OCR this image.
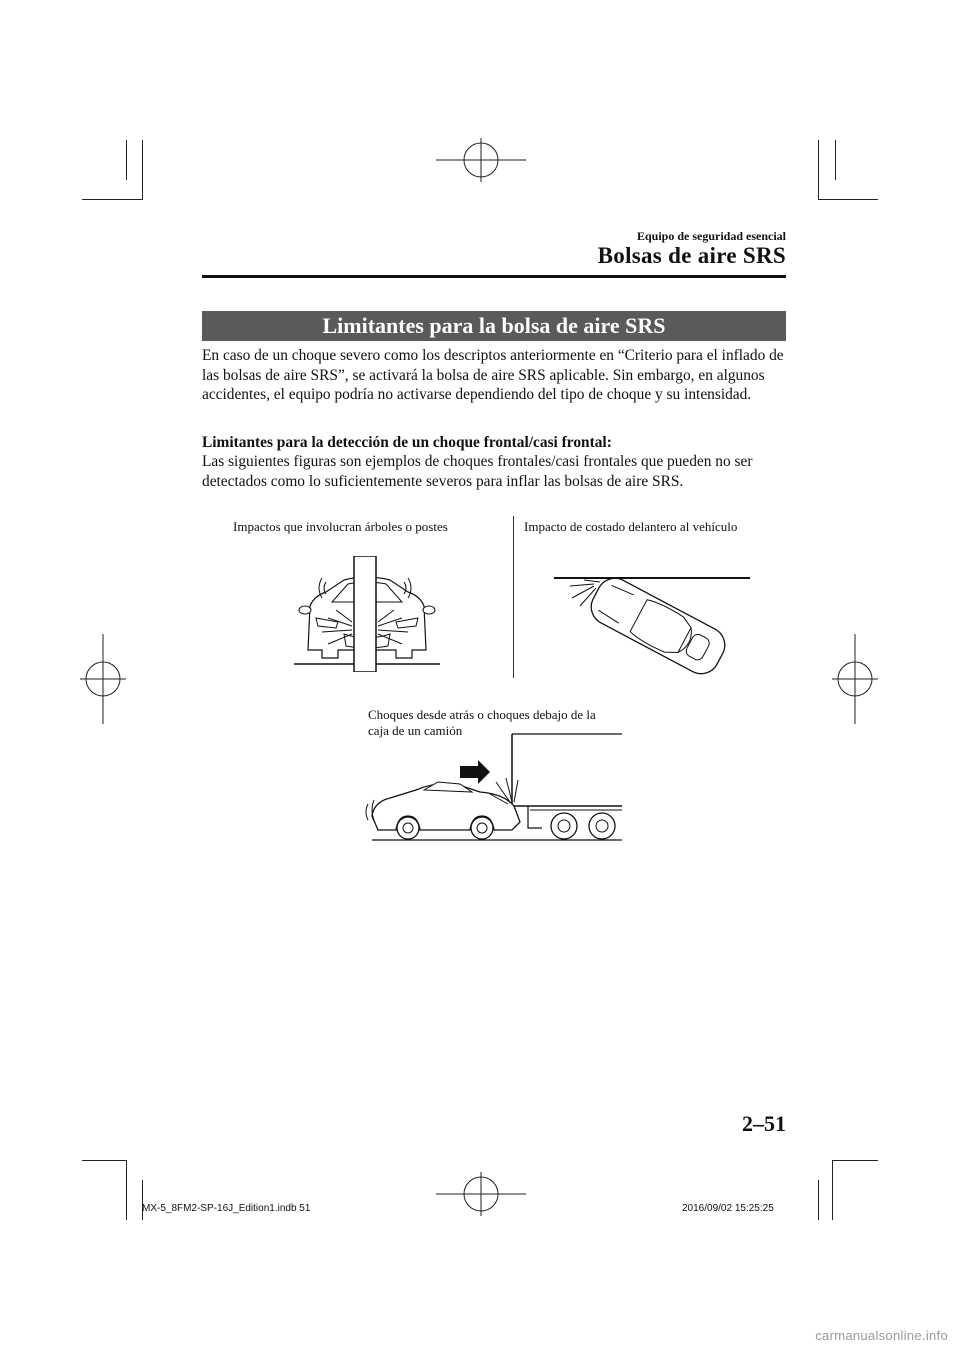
Equipo de seguridad esencial
Bolsas de aire SRS
Limitantes para la bolsa de aire SRS
En caso de un choque severo como los descriptos anteriormente en “Criterio para el inflado de las bolsas de aire SRS”, se activará la bolsa de aire SRS aplicable. Sin embargo, en algunos accidentes, el equipo podría no activarse dependiendo del tipo de choque y su intensidad.
Limitantes para la detección de un choque frontal/casi frontal:
Las siguientes figuras son ejemplos de choques frontales/casi frontales que pueden no ser detectados como lo suficientemente severos para inflar las bolsas de aire SRS.
Impactos que involucran árboles o postes	Impacto de costado delantero al vehículo
Choques desde atrás o choques debajo de la
caja de un camión
2–51
MX-5_8FM2-SP-16J_Edition1.indb 51	2016/09/02 15:25:25
carmanualsonline.info
